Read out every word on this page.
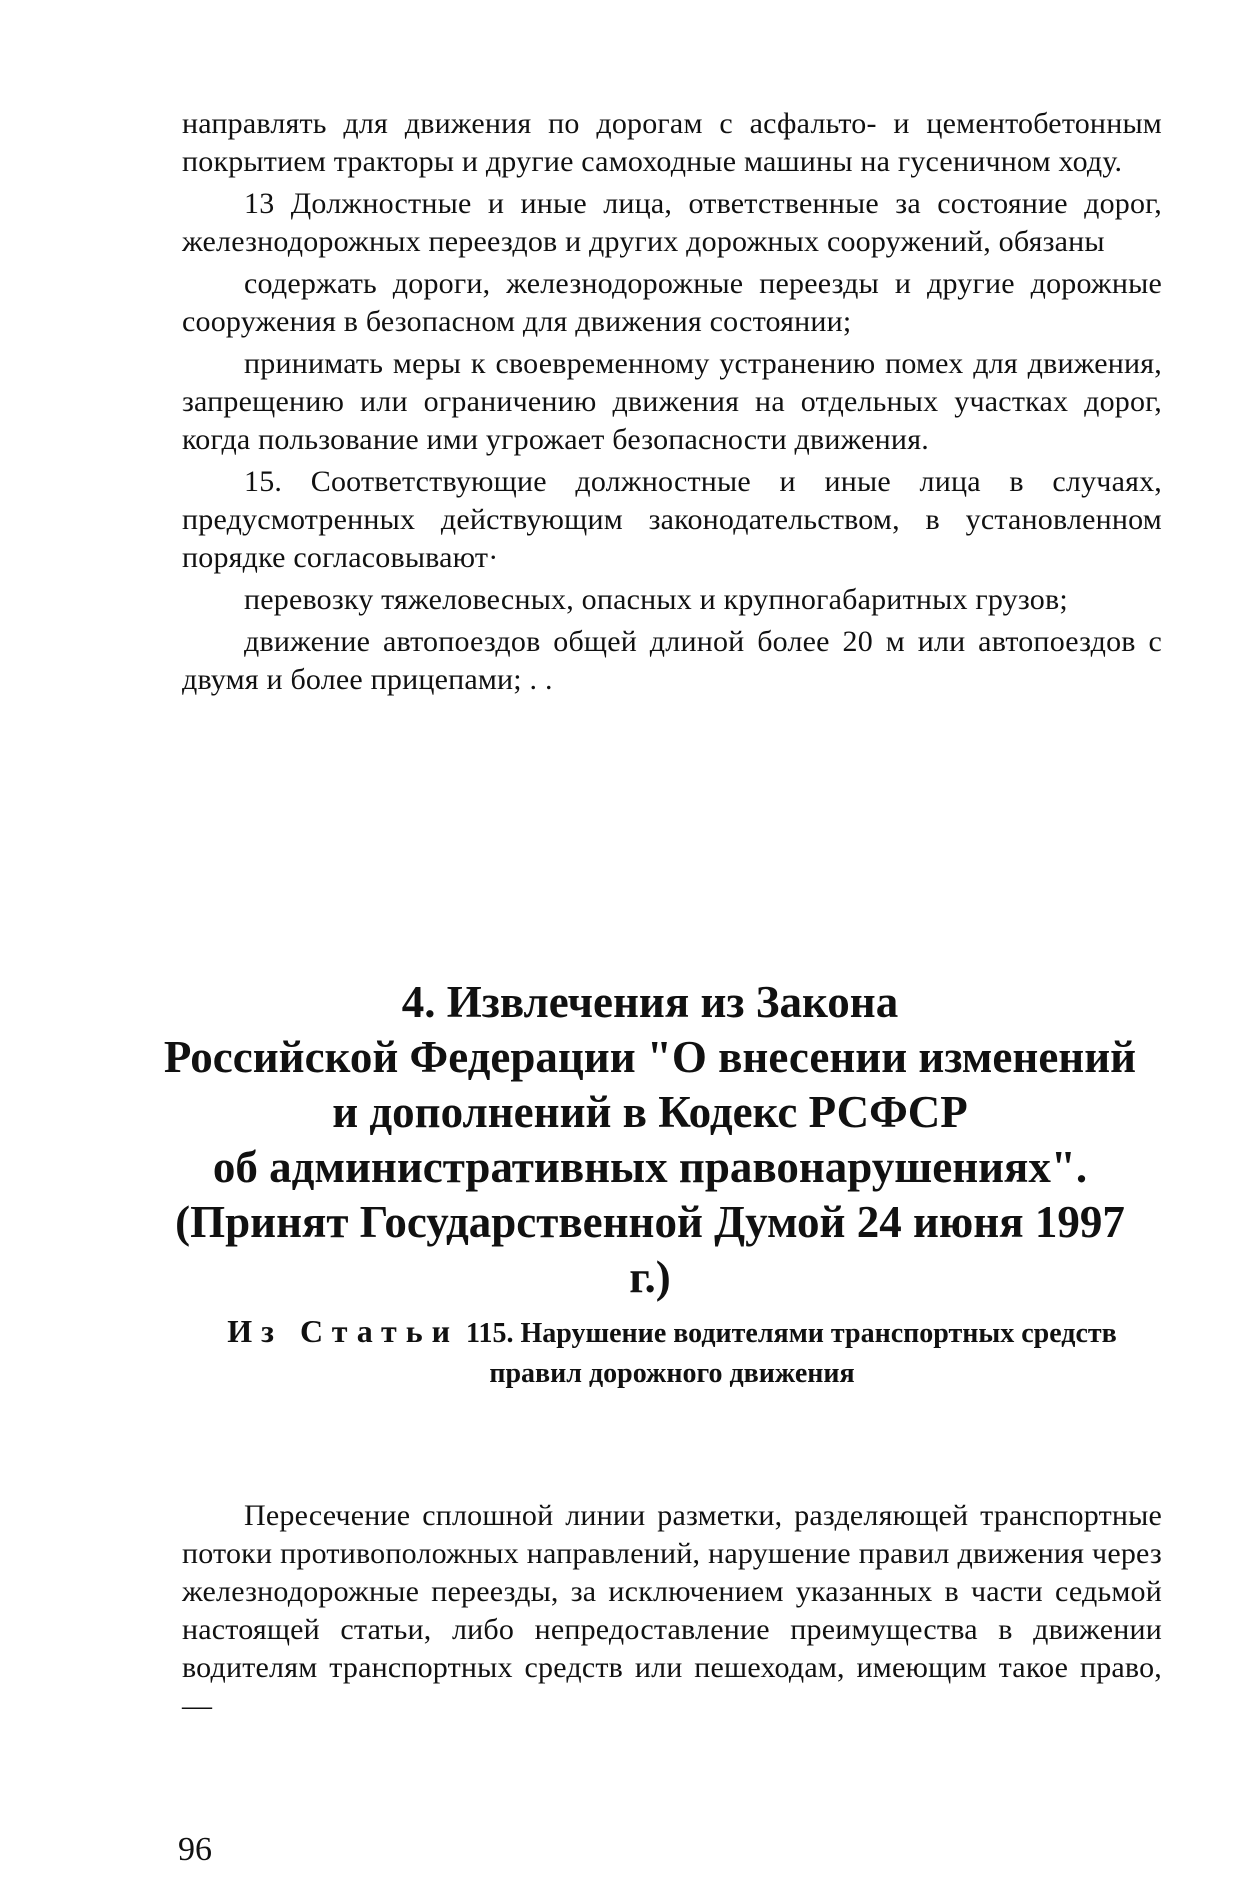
направлять для движения по дорогам с асфальто- и цементобетонным покрытием тракторы и другие самоходные машины на гусеничном ходу.

13 Должностные и иные лица, ответственные за состояние дорог, железнодорожных переездов и других дорожных сооружений, обязаны

содержать дороги, железнодорожные переезды и другие дорожные сооружения в безопасном для движения состоянии;

принимать меры к своевременному устранению помех для движения, запрещению или ограничению движения на отдельных участках дорог, когда пользование ими угрожает безопасности движения.

15. Соответствующие должностные и иные лица в случаях, предусмотренных действующим законодательством, в установленном порядке согласовывают·

перевозку тяжеловесных, опасных и крупногабаритных грузов;

движение автопоездов общей длиной более 20 м или автопоездов с двумя и более прицепами; . .

4. Извлечения из Закона
Российской Федерации "О внесении изменений
и дополнений в Кодекс РСФСР
об административных правонарушениях".
(Принят Государственной Думой 24 июня 1997 г.)
Из Статьи 115. Нарушение водителями транспортных средств правил дорожного движения

Пересечение сплошной линии разметки, разделяющей транспортные потоки противоположных направлений, нарушение правил движения через железнодорожные переезды, за исключением указанных в части седьмой настоящей статьи, либо непредоставление преимущества в движении водителям транспортных средств или пешеходам, имеющим такое право, —

96
